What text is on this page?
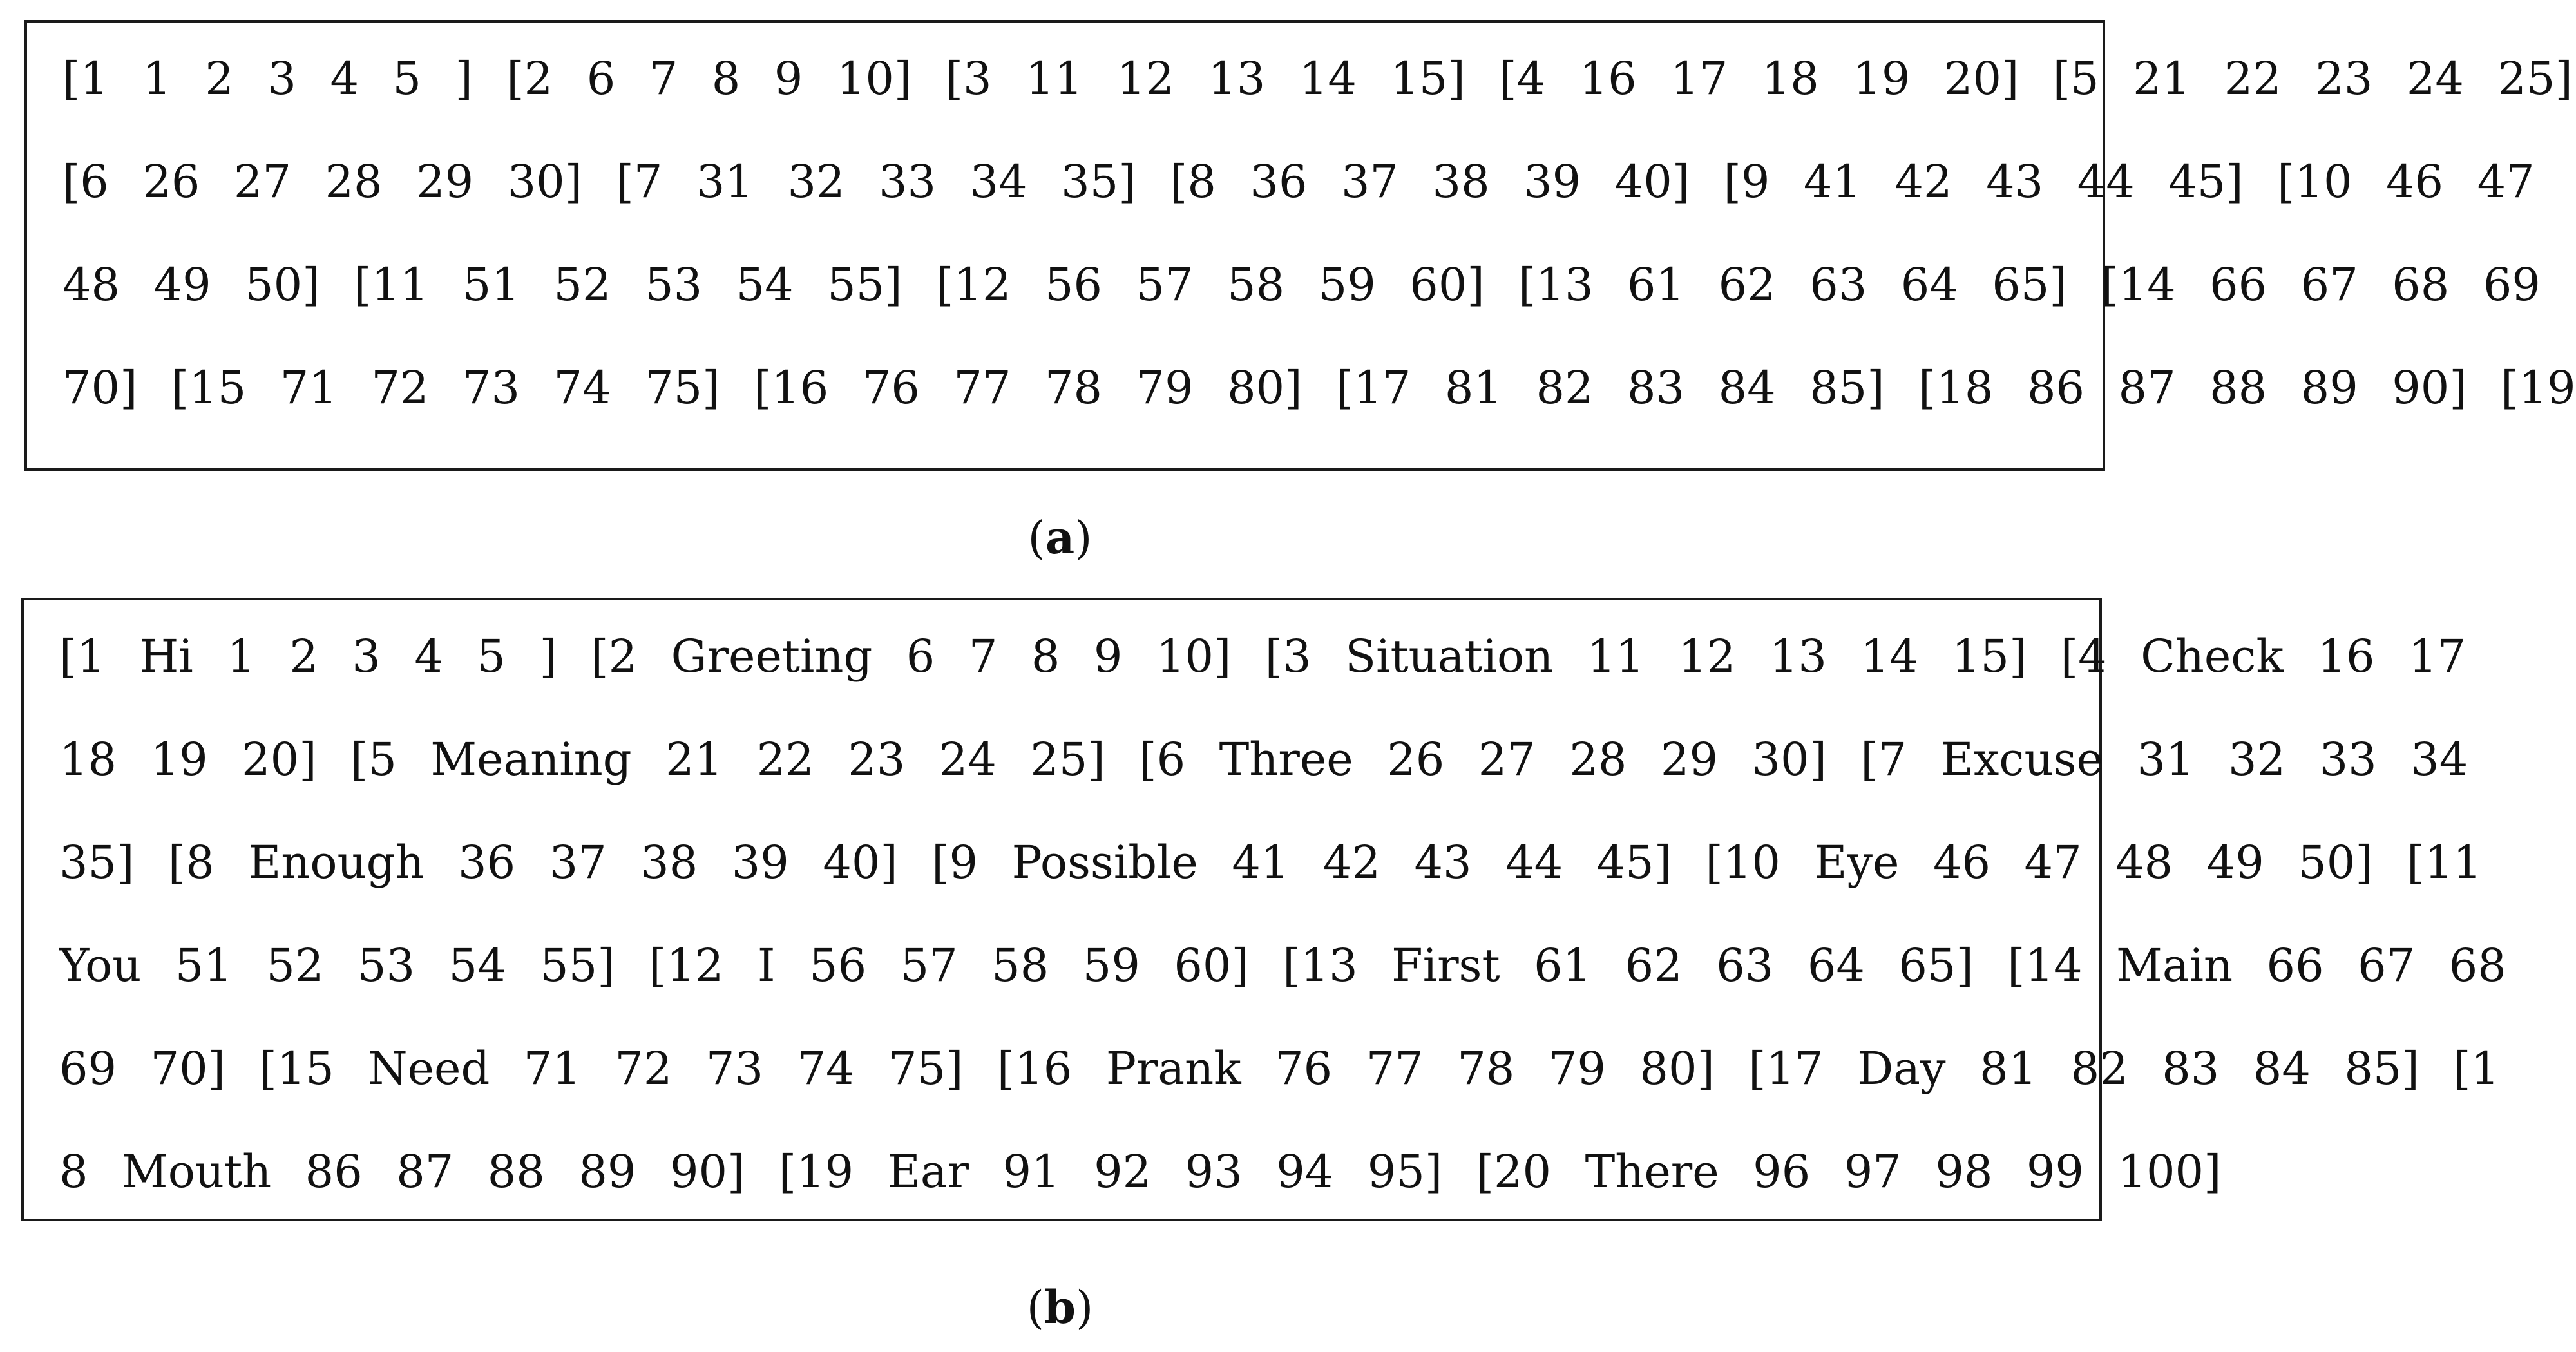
[1  1  2  3  4  5  ]  [2  6  7  8  9  10]  [3  11  12  13  14  15]  [4  16  17  18  19  20]  [5  21  22  23  24  25]
[6  26  27  28  29  30]  [7  31  32  33  34  35]  [8  36  37  38  39  40]  [9  41  42  43  44  45]  [10  46  47
48  49  50]  [11  51  52  53  54  55]  [12  56  57  58  59  60]  [13  61  62  63  64  65]  [14  66  67  68  69
70]  [15  71  72  73  74  75]  [16  76  77  78  79  80]  [17  81  82  83  84  85]  [18  86  87  88  89  90]  [19
(a)
[1  Hi  1  2  3  4  5  ]  [2  Greeting  6  7  8  9  10]  [3  Situation  11  12  13  14  15]  [4  Check  16  17
18  19  20]  [5  Meaning  21  22  23  24  25]  [6  Three  26  27  28  29  30]  [7  Excuse  31  32  33  34
35]  [8  Enough  36  37  38  39  40]  [9  Possible  41  42  43  44  45]  [10  Eye  46  47  48  49  50]  [11
You  51  52  53  54  55]  [12  I  56  57  58  59  60]  [13  First  61  62  63  64  65]  [14  Main  66  67  68
69  70]  [15  Need  71  72  73  74  75]  [16  Prank  76  77  78  79  80]  [17  Day  81  82  83  84  85]  [1
8  Mouth  86  87  88  89  90]  [19  Ear  91  92  93  94  95]  [20  There  96  97  98  99  100]
(b)
